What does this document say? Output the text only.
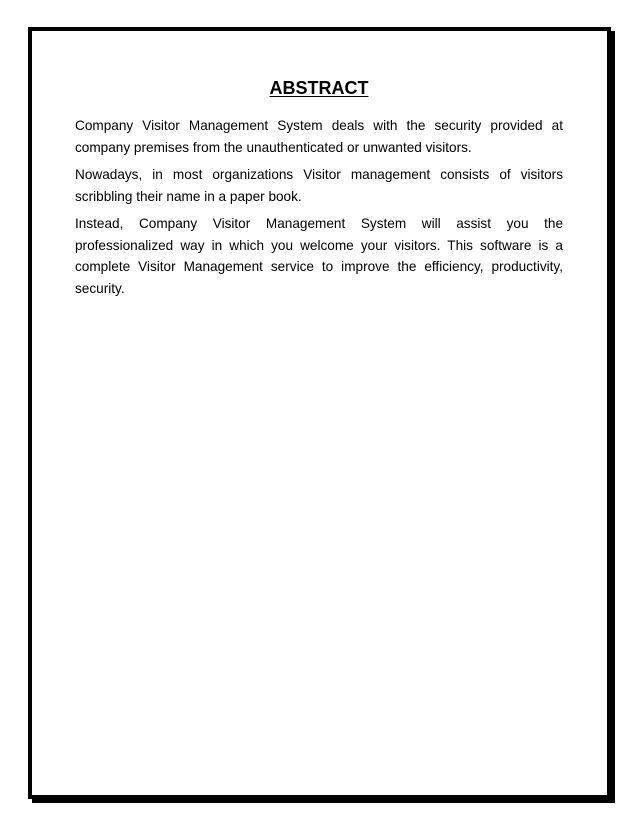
ABSTRACT

Company Visitor Management System deals with the security provided at company premises from the unauthenticated or unwanted visitors.

Nowadays, in most organizations Visitor management consists of visitors scribbling their name in a paper book.

Instead, Company Visitor Management System will assist you the professionalized way in which you welcome your visitors. This software is a complete Visitor Management service to improve the efficiency, productivity, security.
